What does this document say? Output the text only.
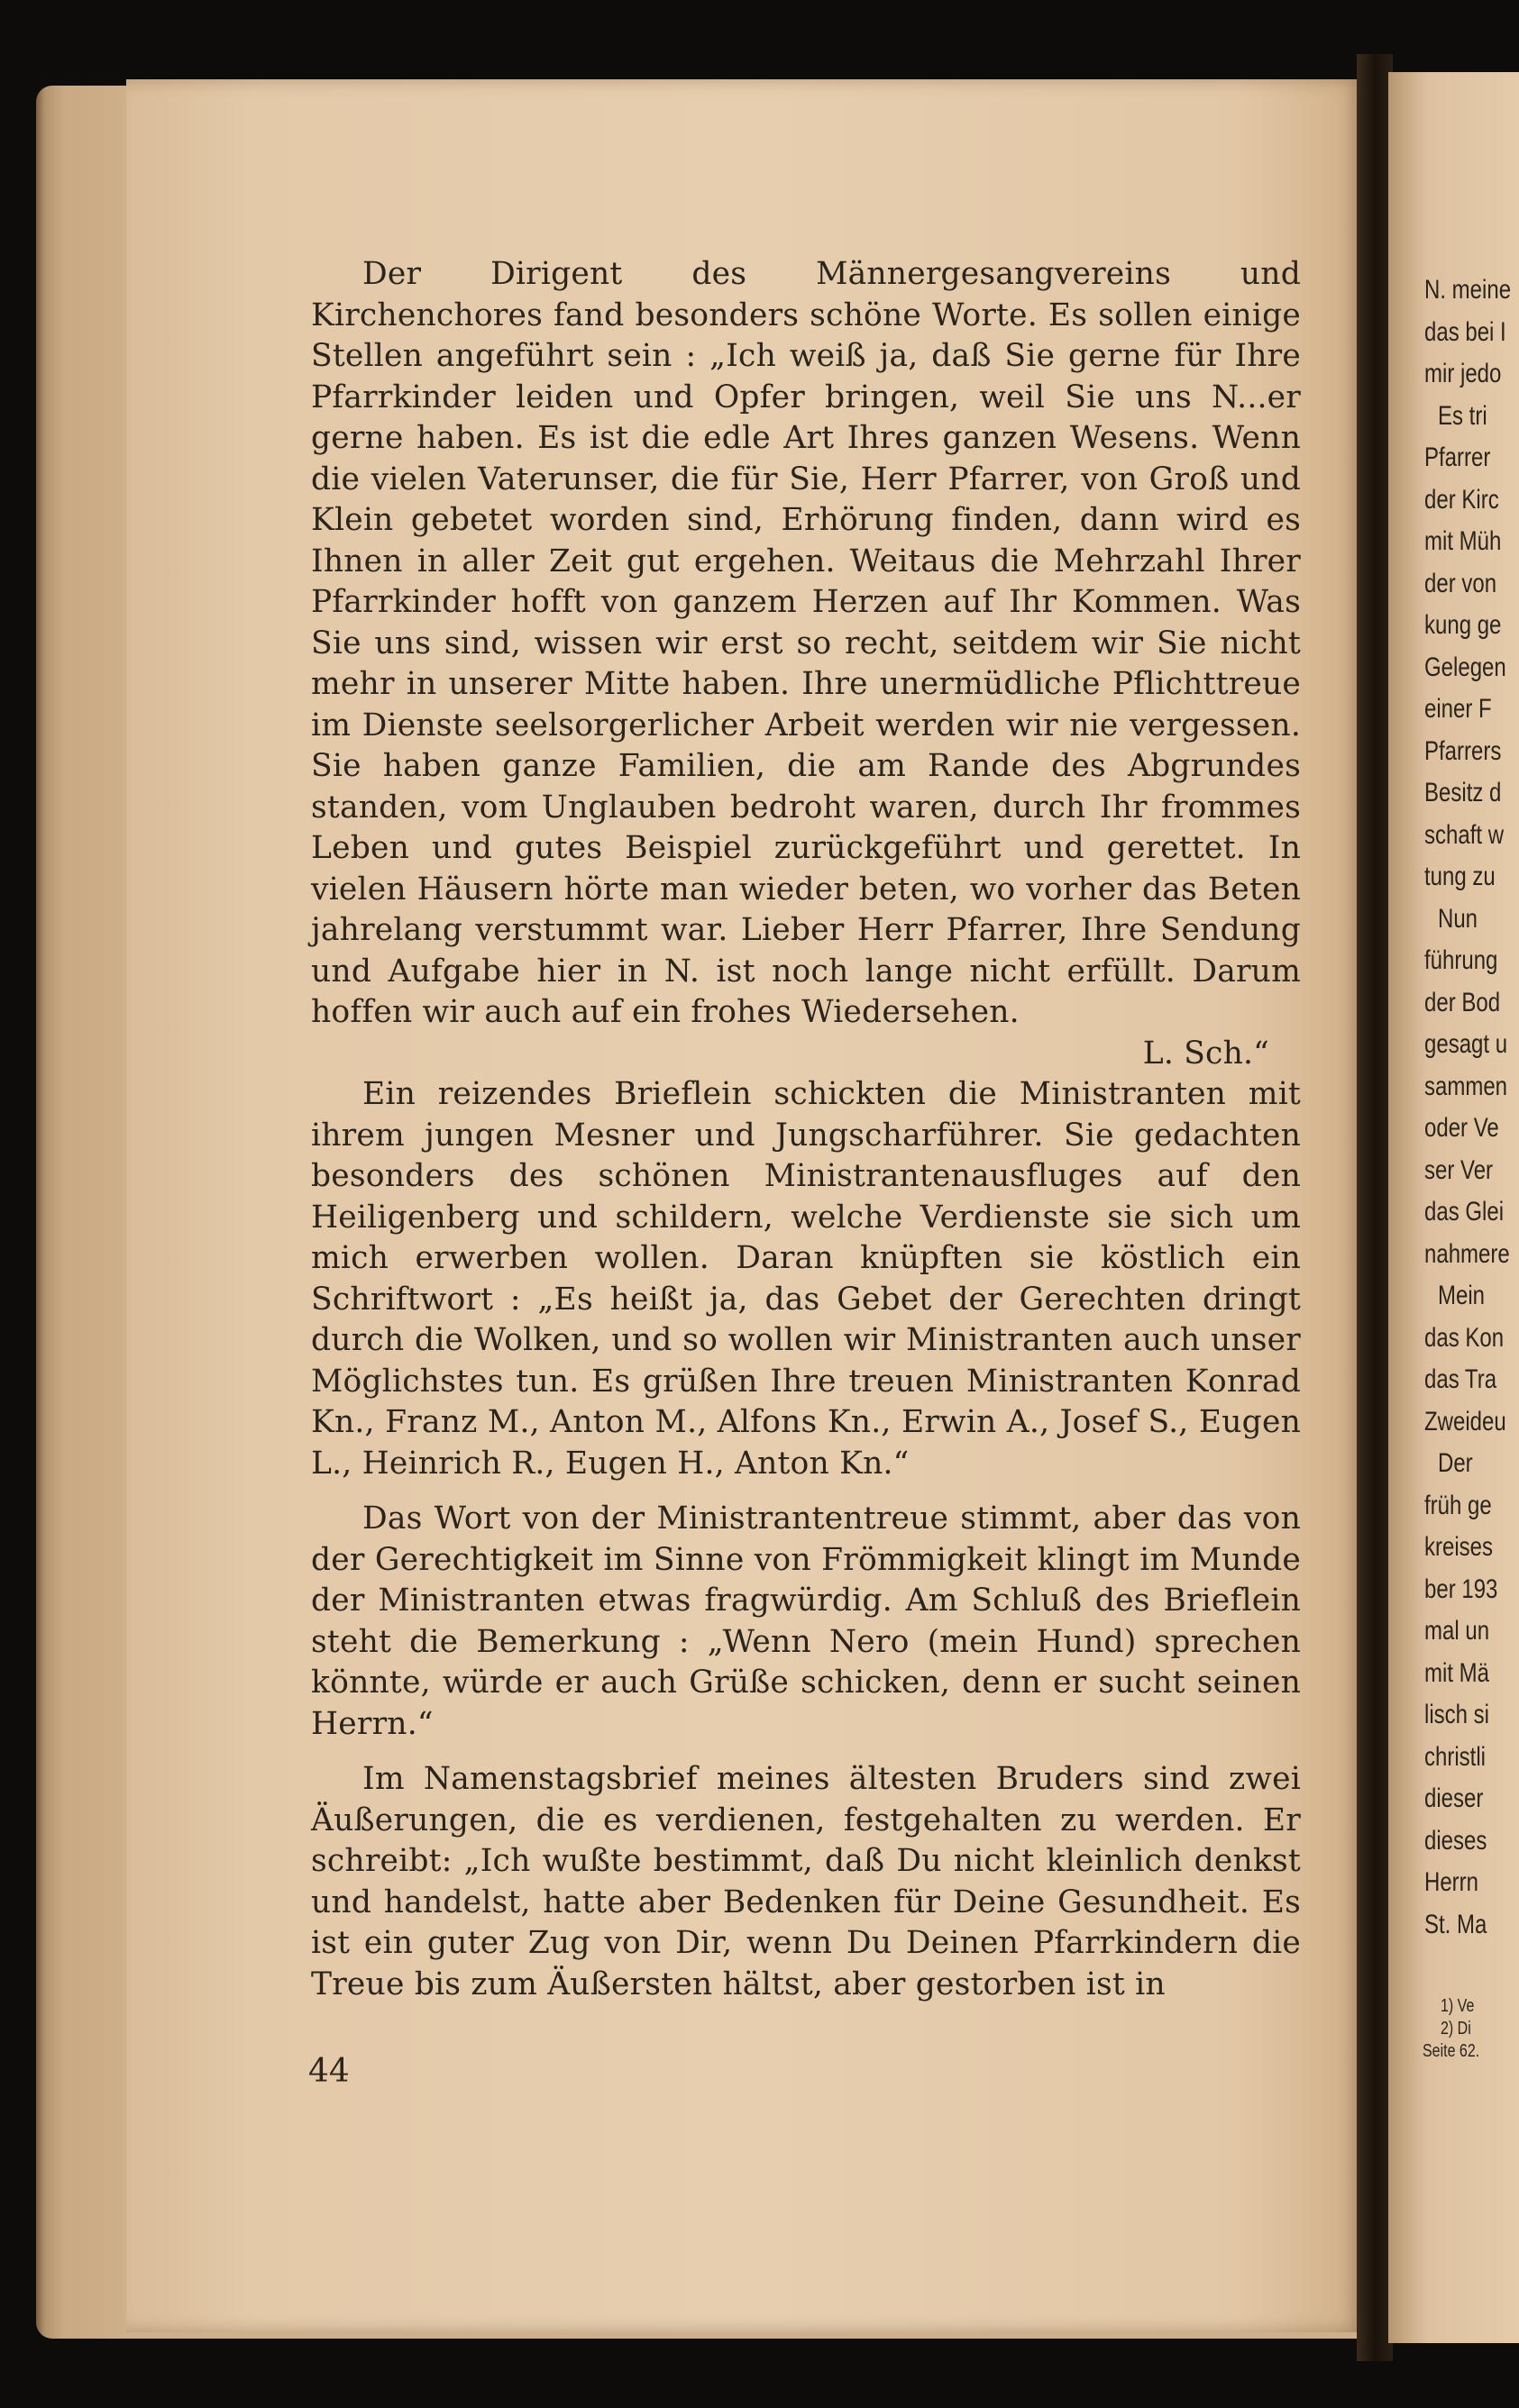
N. meine
das bei I
mir jedo
Es tri
Pfarrer
der Kirc
mit Müh
der von
kung ge
Gelegen
einer F
Pfarrers
Besitz d
schaft w
tung zu
Nun
führung
der Bod
gesagt u
sammen
oder Ve
ser Ver
das Glei
nahmere
Mein
das Kon
das Tra
Zweideu
Der
früh ge
kreises
ber 193
mal un
mit Mä
lisch si
christli
dieser
dieses
Herrn
St. Ma
1) Ve
2) Di
Seite 62.

Der Dirigent des Männergesangvereins und Kirchenchores fand besonders schöne Worte. Es sollen einige Stellen angeführt sein : „Ich weiß ja, daß Sie gerne für Ihre Pfarrkinder leiden und Opfer bringen, weil Sie uns N...er gerne haben. Es ist die edle Art Ihres ganzen Wesens. Wenn die vielen Vaterunser, die für Sie, Herr Pfarrer, von Groß und Klein gebetet worden sind, Erhörung finden, dann wird es Ihnen in aller Zeit gut ergehen. Weitaus die Mehrzahl Ihrer Pfarrkinder hofft von ganzem Herzen auf Ihr Kommen. Was Sie uns sind, wissen wir erst so recht, seitdem wir Sie nicht mehr in unserer Mitte haben. Ihre unermüdliche Pflichttreue im Dienste seelsorgerlicher Arbeit werden wir nie vergessen. Sie haben ganze Familien, die am Rande des Abgrundes standen, vom Unglauben bedroht waren, durch Ihr frommes Leben und gutes Beispiel zurückgeführt und gerettet. In vielen Häusern hörte man wieder beten, wo vorher das Beten jahrelang verstummt war. Lieber Herr Pfarrer, Ihre Sendung und Aufgabe hier in N. ist noch lange nicht erfüllt. Darum hoffen wir auch auf ein frohes Wiedersehen.

L. Sch.“

Ein reizendes Brieflein schickten die Ministranten mit ihrem jungen Mesner und Jungscharführer. Sie gedachten besonders des schönen Ministrantenausfluges auf den Heiligenberg und schildern, welche Verdienste sie sich um mich erwerben wollen. Daran knüpften sie köstlich ein Schriftwort : „Es heißt ja, das Gebet der Gerechten dringt durch die Wolken, und so wollen wir Ministranten auch unser Möglichstes tun. Es grüßen Ihre treuen Ministranten Konrad Kn., Franz M., Anton M., Alfons Kn., Erwin A., Josef S., Eugen L., Heinrich R., Eugen H., Anton Kn.“

Das Wort von der Ministrantentreue stimmt, aber das von der Gerechtigkeit im Sinne von Frömmigkeit klingt im Munde der Ministranten etwas fragwürdig. Am Schluß des Brieflein steht die Bemerkung : „Wenn Nero (mein Hund) sprechen könnte, würde er auch Grüße schicken, denn er sucht seinen Herrn.“

Im Namenstagsbrief meines ältesten Bruders sind zwei Äußerungen, die es verdienen, festgehalten zu werden. Er schreibt: „Ich wußte bestimmt, daß Du nicht kleinlich denkst und handelst, hatte aber Bedenken für Deine Gesundheit. Es ist ein guter Zug von Dir, wenn Du Deinen Pfarrkindern die Treue bis zum Äußersten hältst, aber gestorben ist in

44
